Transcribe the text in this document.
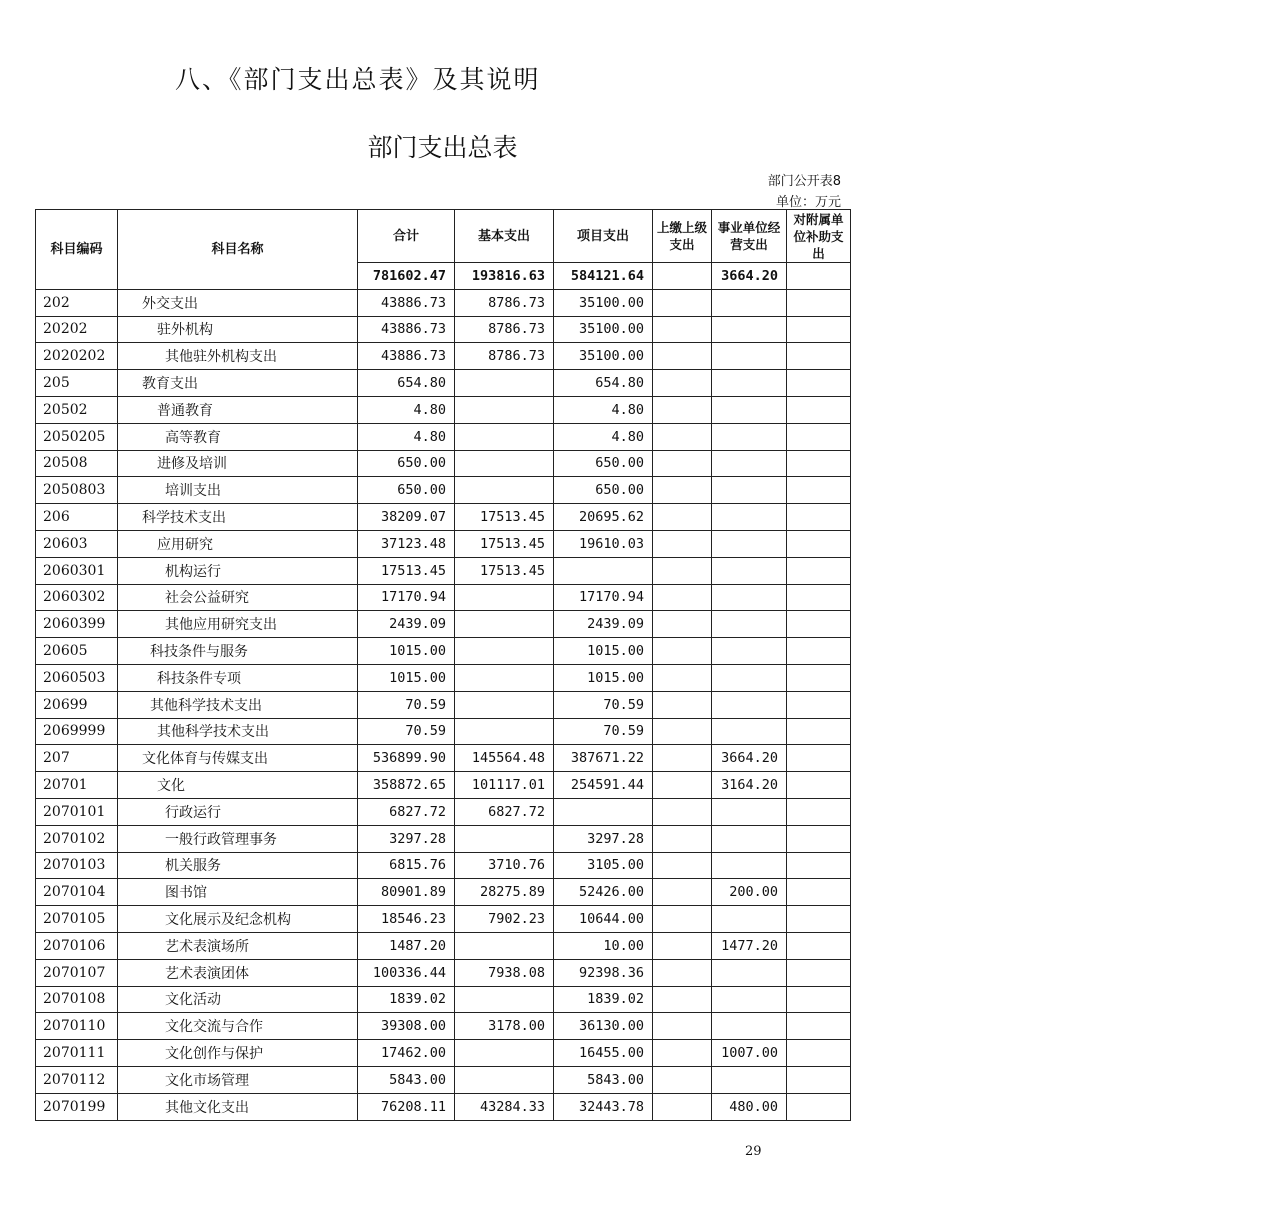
八、《部门支出总表》及其说明
部门支出总表
部门公开表8
单位：万元
科目编码	科目名称	合计	基本支出	项目支出	上缴上级支出	事业单位经营支出	对附属单位补助支出
		781602.47	193816.63	584121.64		3664.20	
202	外交支出	43886.73	8786.73	35100.00			
20202	驻外机构	43886.73	8786.73	35100.00			
2020202	其他驻外机构支出	43886.73	8786.73	35100.00			
205	教育支出	654.80		654.80			
20502	普通教育	4.80		4.80			
2050205	高等教育	4.80		4.80			
20508	进修及培训	650.00		650.00			
2050803	培训支出	650.00		650.00			
206	科学技术支出	38209.07	17513.45	20695.62			
20603	应用研究	37123.48	17513.45	19610.03			
2060301	机构运行	17513.45	17513.45				
2060302	社会公益研究	17170.94		17170.94			
2060399	其他应用研究支出	2439.09		2439.09			
20605	科技条件与服务	1015.00		1015.00			
2060503	科技条件专项	1015.00		1015.00			
20699	其他科学技术支出	70.59		70.59			
2069999	其他科学技术支出	70.59		70.59			
207	文化体育与传媒支出	536899.90	145564.48	387671.22		3664.20	
20701	文化	358872.65	101117.01	254591.44		3164.20	
2070101	行政运行	6827.72	6827.72				
2070102	一般行政管理事务	3297.28		3297.28			
2070103	机关服务	6815.76	3710.76	3105.00			
2070104	图书馆	80901.89	28275.89	52426.00		200.00	
2070105	文化展示及纪念机构	18546.23	7902.23	10644.00			
2070106	艺术表演场所	1487.20		10.00		1477.20	
2070107	艺术表演团体	100336.44	7938.08	92398.36			
2070108	文化活动	1839.02		1839.02			
2070110	文化交流与合作	39308.00	3178.00	36130.00			
2070111	文化创作与保护	17462.00		16455.00		1007.00	
2070112	文化市场管理	5843.00		5843.00			
2070199	其他文化支出	76208.11	43284.33	32443.78		480.00	
29
